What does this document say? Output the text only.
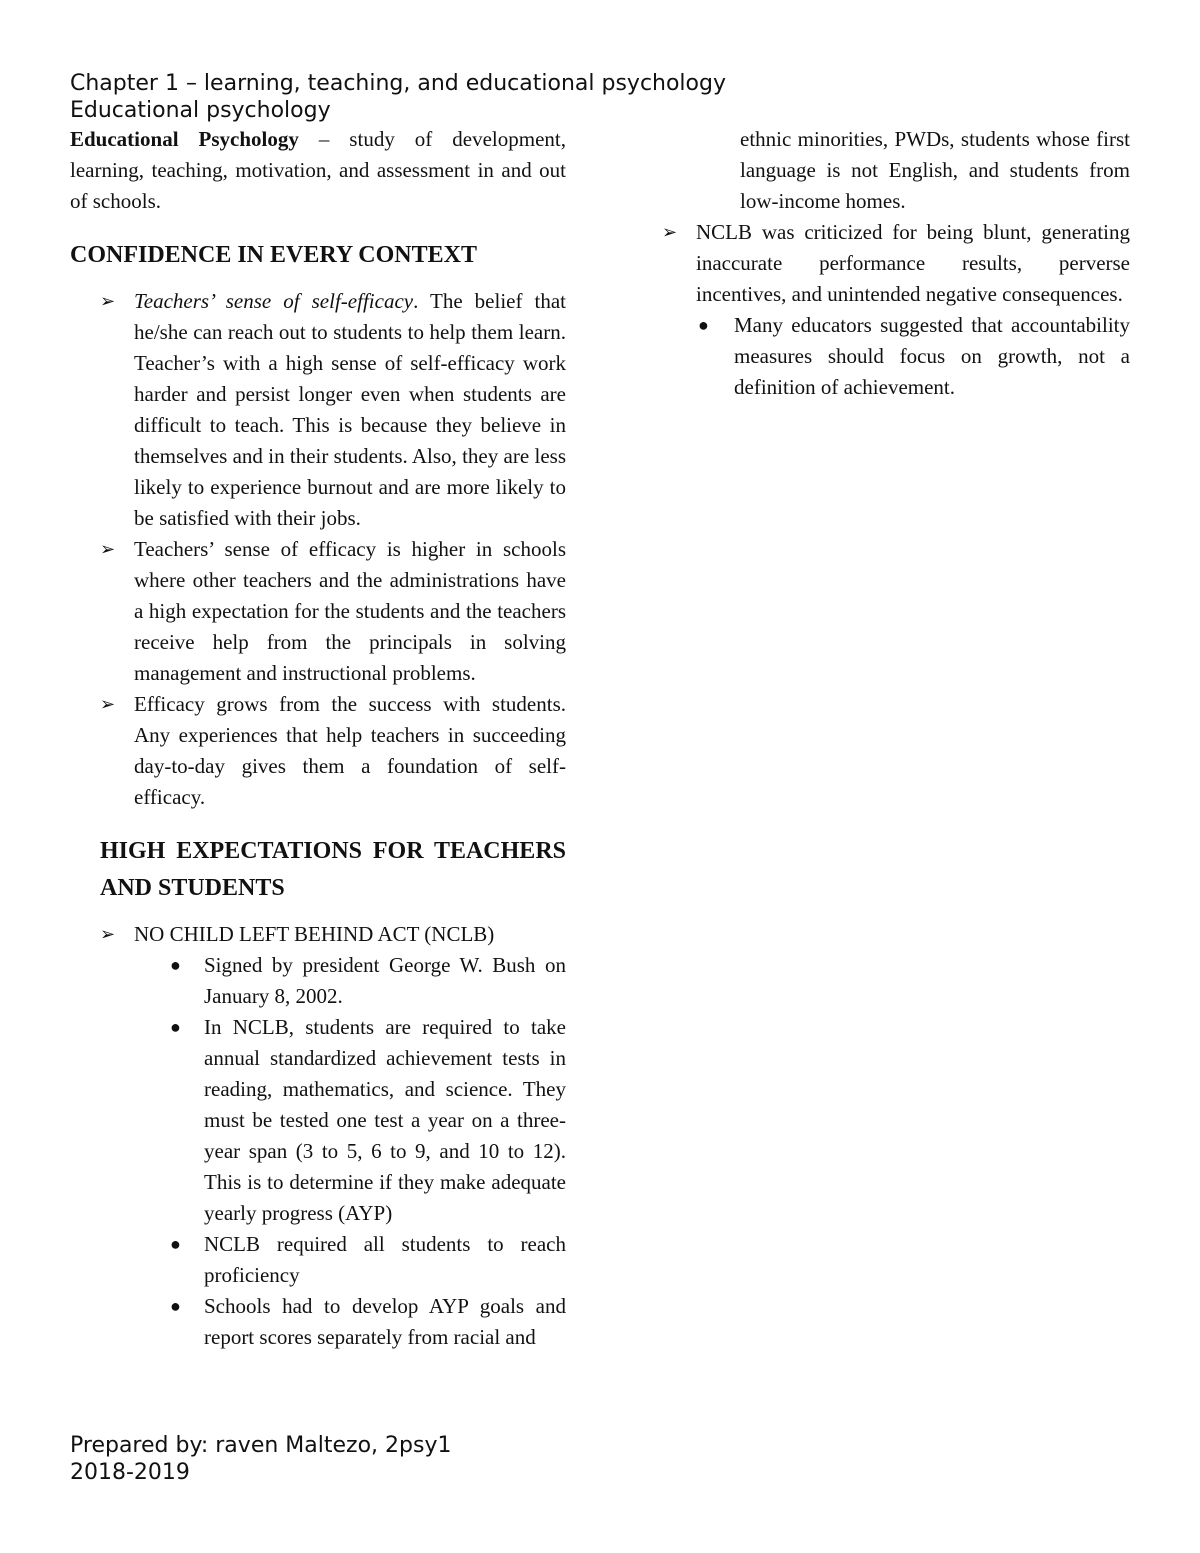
Chapter 1 – learning, teaching, and educational psychology
Educational psychology

Educational Psychology – study of development, learning, teaching, motivation, and assessment in and out of schools.

CONFIDENCE IN EVERY CONTEXT
➢ Teachers’ sense of self-efficacy. The belief that he/she can reach out to students to help them learn. Teacher’s with a high sense of self-efficacy work harder and persist longer even when students are difficult to teach. This is because they believe in themselves and in their students. Also, they are less likely to experience burnout and are more likely to be satisfied with their jobs.
➢ Teachers’ sense of efficacy is higher in schools where other teachers and the administrations have a high expectation for the students and the teachers receive help from the principals in solving management and instructional problems.
➢ Efficacy grows from the success with students. Any experiences that help teachers in succeeding day-to-day gives them a foundation of self-efficacy.
HIGH EXPECTATIONS FOR TEACHERS AND STUDENTS
➢ NO CHILD LEFT BEHIND ACT (NCLB)
● Signed by president George W. Bush on January 8, 2002.
● In NCLB, students are required to take annual standardized achievement tests in reading, mathematics, and science. They must be tested one test a year on a three-year span (3 to 5, 6 to 9, and 10 to 12). This is to determine if they make adequate yearly progress (AYP)
● NCLB required all students to reach proficiency
● Schools had to develop AYP goals and report scores separately from racial and

ethnic minorities, PWDs, students whose first language is not English, and students from low-income homes.

➢ NCLB was criticized for being blunt, generating inaccurate performance results, perverse incentives, and unintended negative consequences.
● Many educators suggested that accountability measures should focus on growth, not a definition of achievement.
Prepared by: raven Maltezo, 2psy1
2018-2019
